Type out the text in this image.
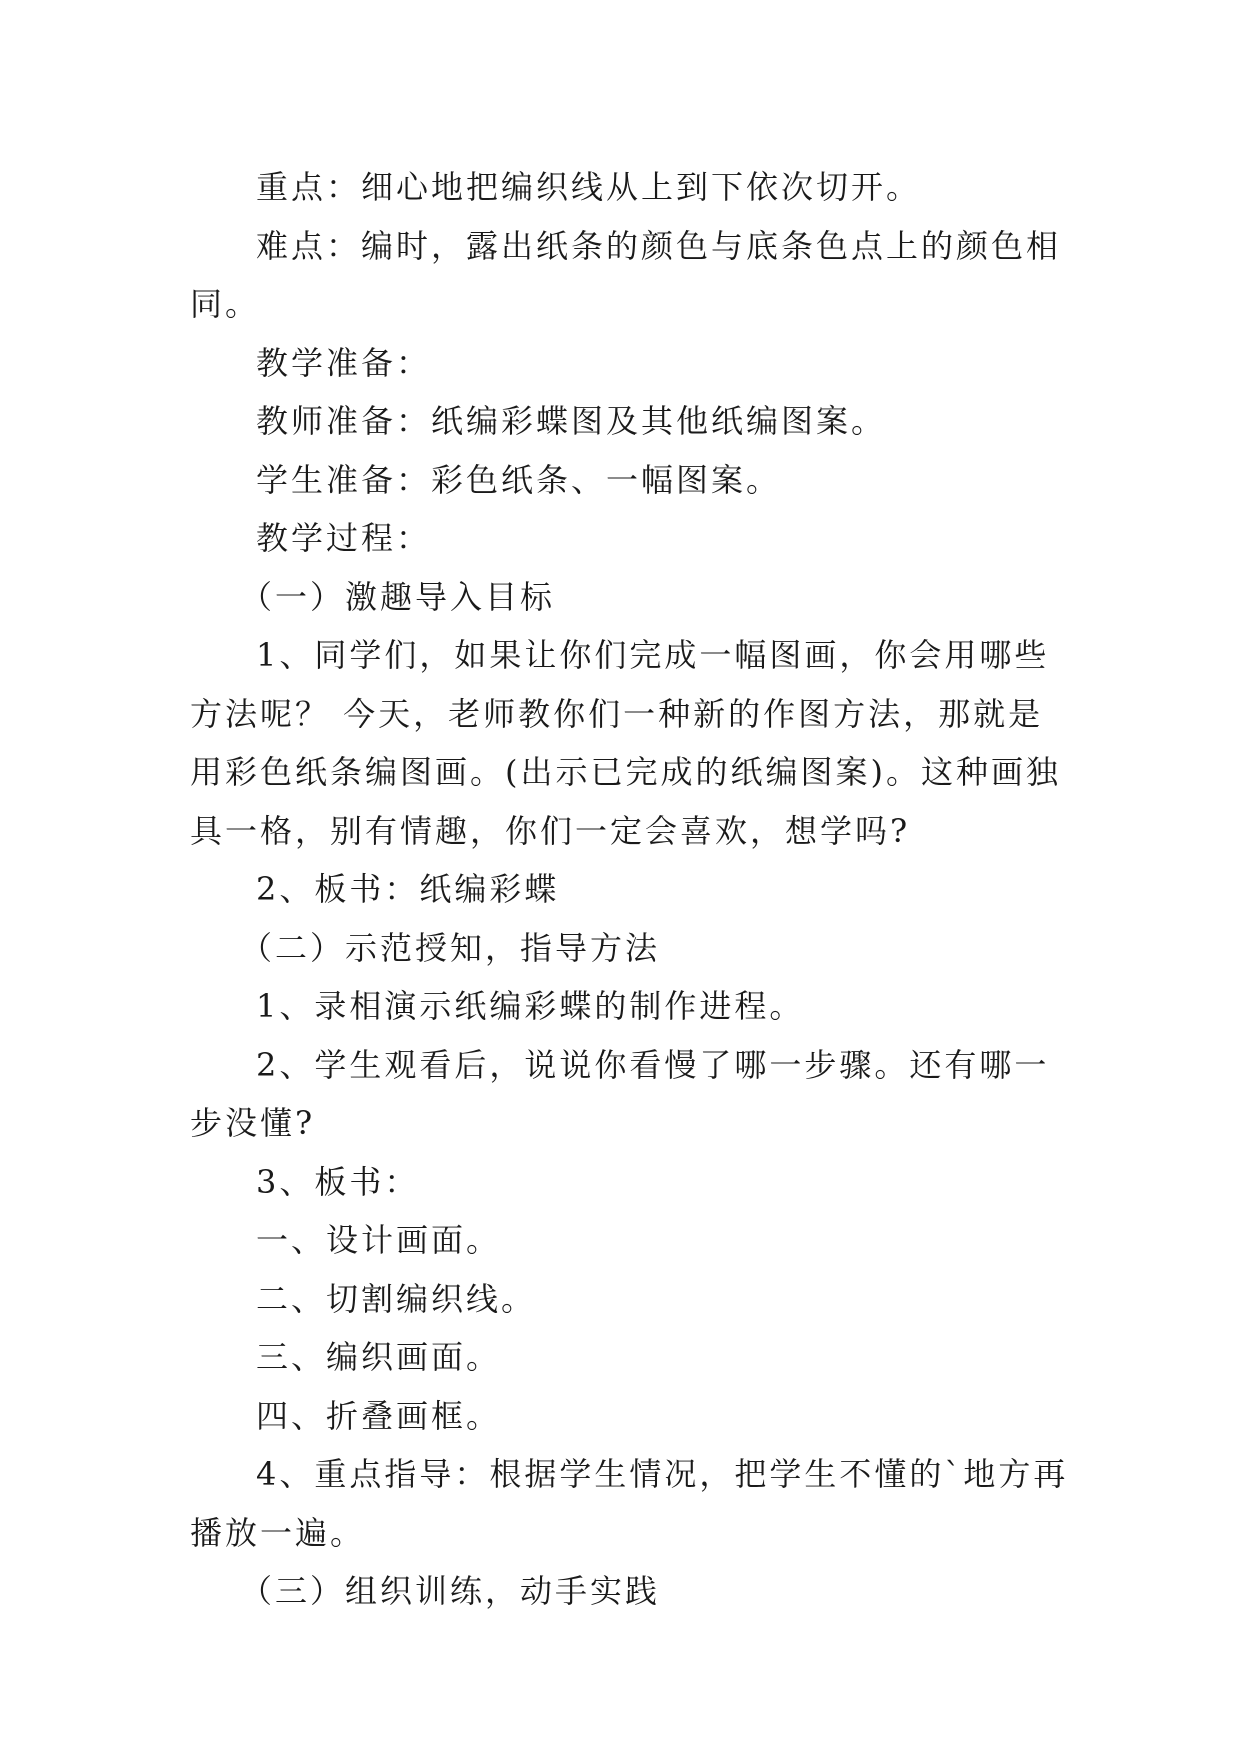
重点：细心地把编织线从上到下依次切开。

难点：编时，露出纸条的颜色与底条色点上的颜色相同。

教学准备：

教师准备：纸编彩蝶图及其他纸编图案。

学生准备：彩色纸条、一幅图案。

教学过程：

（一）激趣导入目标

1、同学们，如果让你们完成一幅图画，你会用哪些方法呢？ 今天，老师教你们一种新的作图方法，那就是用彩色纸条编图画。(出示已完成的纸编图案)。这种画独具一格，别有情趣，你们一定会喜欢，想学吗?

2、板书：纸编彩蝶

（二）示范授知，指导方法

1、录相演示纸编彩蝶的制作进程。

2、学生观看后，说说你看慢了哪一步骤。还有哪一步没懂?

3、板书：

一、设计画面。

二、切割编织线。

三、编织画面。

四、折叠画框。

4、重点指导：根据学生情况，把学生不懂的`地方再播放一遍。

（三）组织训练，动手实践
